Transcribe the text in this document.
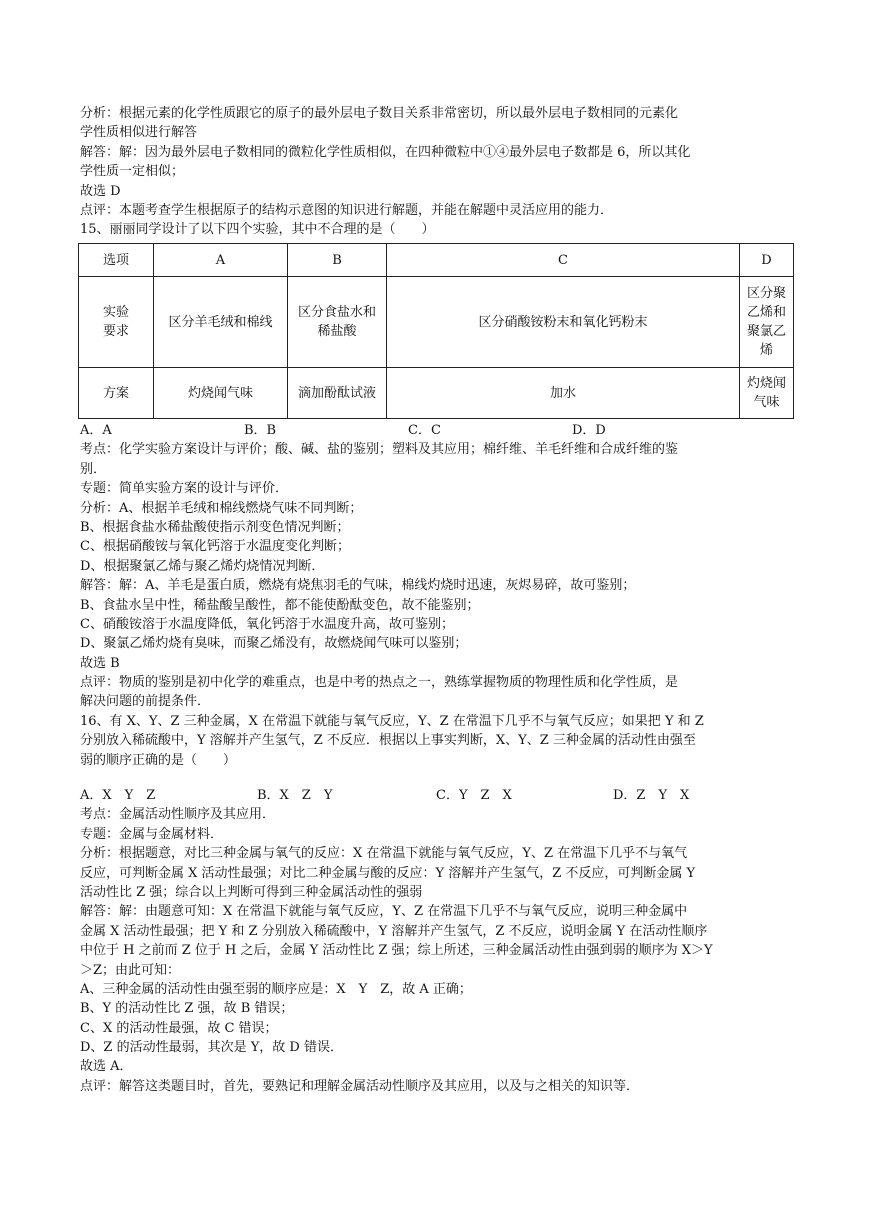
分析：根据元素的化学性质跟它的原子的最外层电子数目关系非常密切，所以最外层电子数相同的元素化
学性质相似进行解答
解答：解：因为最外层电子数相同的微粒化学性质相似，在四种微粒中①④最外层电子数都是 6，所以其化
学性质一定相似；
故选 D
点评：本题考查学生根据原子的结构示意图的知识进行解题，并能在解题中灵活应用的能力．
15、丽丽同学设计了以下四个实验，其中不合理的是（　　）
选项	A	B	C	D
实验要求	区分羊毛绒和棉线	区分食盐水和稀盐酸	区分硝酸铵粉末和氧化钙粉末	区分聚乙烯和聚氯乙烯
方案	灼烧闻气味	滴加酚酞试液	加水	灼烧闻气味
A．A	B．B	C．C	D．D
考点：化学实验方案设计与评价；酸、碱、盐的鉴别；塑料及其应用；棉纤维、羊毛纤维和合成纤维的鉴
别．
专题：简单实验方案的设计与评价．
分析：A、根据羊毛绒和棉线燃烧气味不同判断；
B、根据食盐水稀盐酸使指示剂变色情况判断；
C、根据硝酸铵与氧化钙溶于水温度变化判断；
D、根据聚氯乙烯与聚乙烯灼烧情况判断．
解答：解：A、羊毛是蛋白质，燃烧有烧焦羽毛的气味，棉线灼烧时迅速，灰烬易碎，故可鉴别；
B、食盐水呈中性，稀盐酸呈酸性，都不能使酚酞变色，故不能鉴别；
C、硝酸铵溶于水温度降低，氧化钙溶于水温度升高，故可鉴别；
D、聚氯乙烯灼烧有臭味，而聚乙烯没有，故燃烧闻气味可以鉴别；
故选 B
点评：物质的鉴别是初中化学的难重点，也是中考的热点之一，熟练掌握物质的物理性质和化学性质，是
解决问题的前提条件．
16、有 X、Y、Z 三种金属，X 在常温下就能与氧气反应，Y、Z 在常温下几乎不与氧气反应；如果把 Y 和 Z
分别放入稀硫酸中，Y 溶解并产生氢气，Z 不反应．根据以上事实判断，X、Y、Z 三种金属的活动性由强至
弱的顺序正确的是（　　）
A．X　Y　Z	B．X　Z　Y	C．Y　Z　X	D．Z　Y　X
考点：金属活动性顺序及其应用．
专题：金属与金属材料．
分析：根据题意，对比三种金属与氧气的反应：X 在常温下就能与氧气反应，Y、Z 在常温下几乎不与氧气
反应，可判断金属 X 活动性最强；对比二种金属与酸的反应：Y 溶解并产生氢气，Z 不反应，可判断金属 Y
活动性比 Z 强；综合以上判断可得到三种金属活动性的强弱
解答：解：由题意可知：X 在常温下就能与氧气反应，Y、Z 在常温下几乎不与氧气反应，说明三种金属中
金属 X 活动性最强；把 Y 和 Z 分别放入稀硫酸中，Y 溶解并产生氢气，Z 不反应，说明金属 Y 在活动性顺序
中位于 H 之前而 Z 位于 H 之后，金属 Y 活动性比 Z 强；综上所述，三种金属活动性由强到弱的顺序为 X＞Y
＞Z；由此可知：
A、三种金属的活动性由强至弱的顺序应是：X　Y　Z，故 A 正确；
B、Y 的活动性比 Z 强，故 B 错误；
C、X 的活动性最强，故 C 错误；
D、Z 的活动性最弱，其次是 Y，故 D 错误．
故选 A．
点评：解答这类题目时，首先，要熟记和理解金属活动性顺序及其应用，以及与之相关的知识等．
